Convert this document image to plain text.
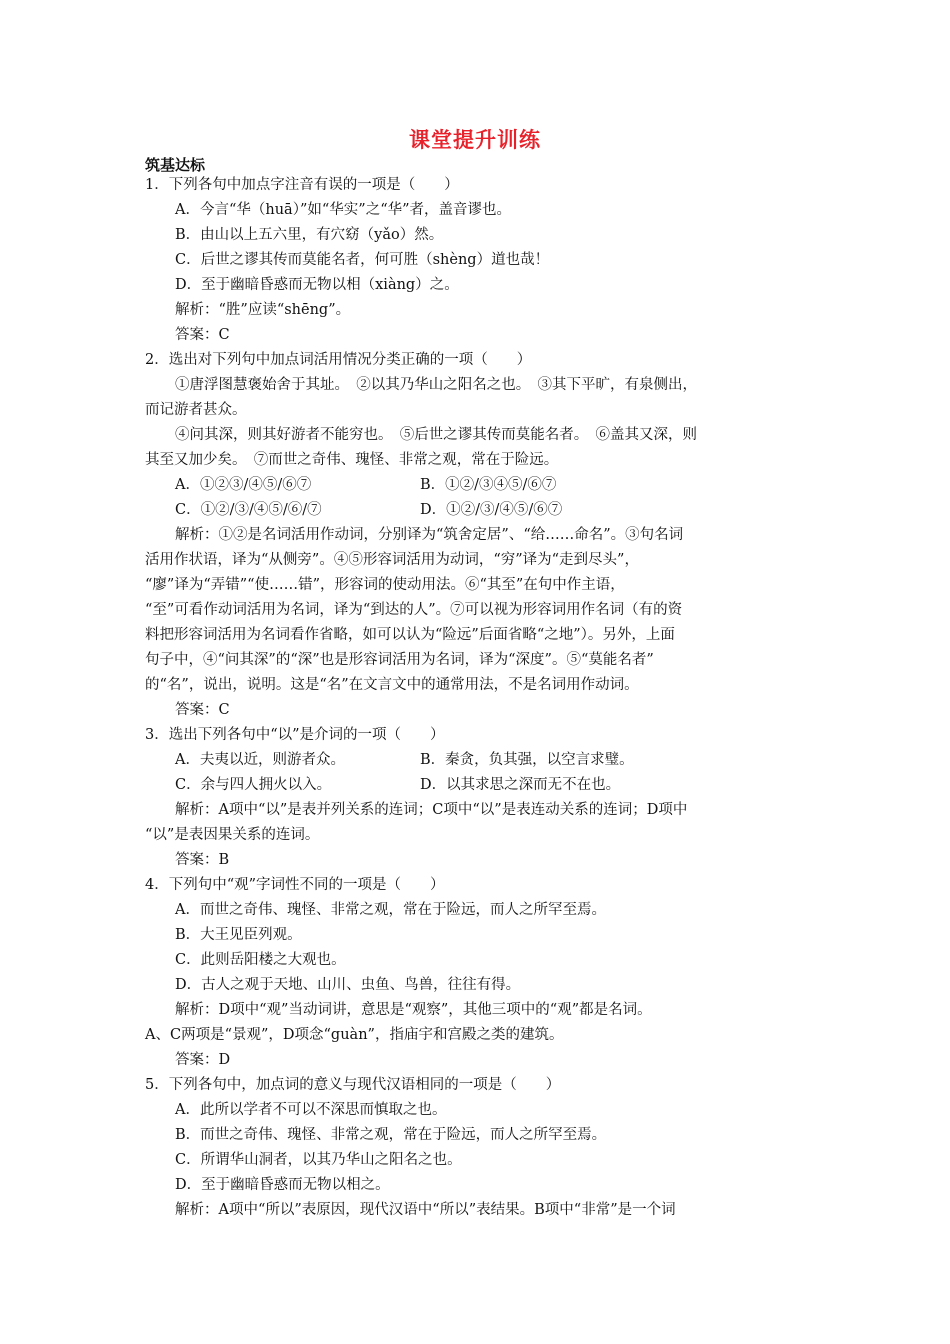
课堂提升训练
筑基达标

1．下列各句中加点字注音有误的一项是（　　）

A．今言“华（huā）”如“华实”之“华”者，盖音谬也。

B．由山以上五六里，有穴窈（yǎo）然。

C．后世之谬其传而莫能名者，何可胜（shèng）道也哉！

D．至于幽暗昏惑而无物以相（xiàng）之。

解析：“胜”应读“shēng”。

答案：C

2．选出对下列句中加点词活用情况分类正确的一项（　　）

①唐浮图慧褒始舍于其址。　②以其乃华山之阳名之也。　③其下平旷，有泉侧出，

而记游者甚众。

④问其深，则其好游者不能穷也。　⑤后世之谬其传而莫能名者。　⑥盖其又深，则

其至又加少矣。　⑦而世之奇伟、瑰怪、非常之观，常在于险远。

A．①②③/④⑤/⑥⑦	B．①②/③④⑤/⑥⑦

C．①②/③/④⑤/⑥/⑦	D．①②/③/④⑤/⑥⑦

解析：①②是名词活用作动词，分别译为“筑舍定居”、“给……命名”。③句名词

活用作状语，译为“从侧旁”。④⑤形容词活用为动词，“穷”译为“走到尽头”，

“廖”译为“弄错”“使……错”，形容词的使动用法。⑥“其至”在句中作主语，

“至”可看作动词活用为名词，译为“到达的人”。⑦可以视为形容词用作名词（有的资

料把形容词活用为名词看作省略，如可以认为“险远”后面省略“之地”）。另外，上面

句子中，④“问其深”的“深”也是形容词活用为名词，译为“深度”。⑤“莫能名者”

的“名”，说出，说明。这是“名”在文言文中的通常用法，不是名词用作动词。

答案：C

3．选出下列各句中“以”是介词的一项（　　）

A．夫夷以近，则游者众。	B．秦贪，负其强，以空言求璧。

C．余与四人拥火以入。	D．以其求思之深而无不在也。

解析：A项中“以”是表并列关系的连词；C项中“以”是表连动关系的连词；D项中

“以”是表因果关系的连词。

答案：B

4．下列句中“观”字词性不同的一项是（　　）

A．而世之奇伟、瑰怪、非常之观，常在于险远，而人之所罕至焉。

B．大王见臣列观。

C．此则岳阳楼之大观也。

D．古人之观于天地、山川、虫鱼、鸟兽，往往有得。

解析：D项中“观”当动词讲，意思是“观察”，其他三项中的“观”都是名词。

A、C两项是“景观”，D项念“guàn”，指庙宇和宫殿之类的建筑。

答案：D

5．下列各句中，加点词的意义与现代汉语相同的一项是（　　）

A．此所以学者不可以不深思而慎取之也。

B．而世之奇伟、瑰怪、非常之观，常在于险远，而人之所罕至焉。

C．所谓华山洞者，以其乃华山之阳名之也。

D．至于幽暗昏惑而无物以相之。

解析：A项中“所以”表原因，现代汉语中“所以”表结果。B项中“非常”是一个词
